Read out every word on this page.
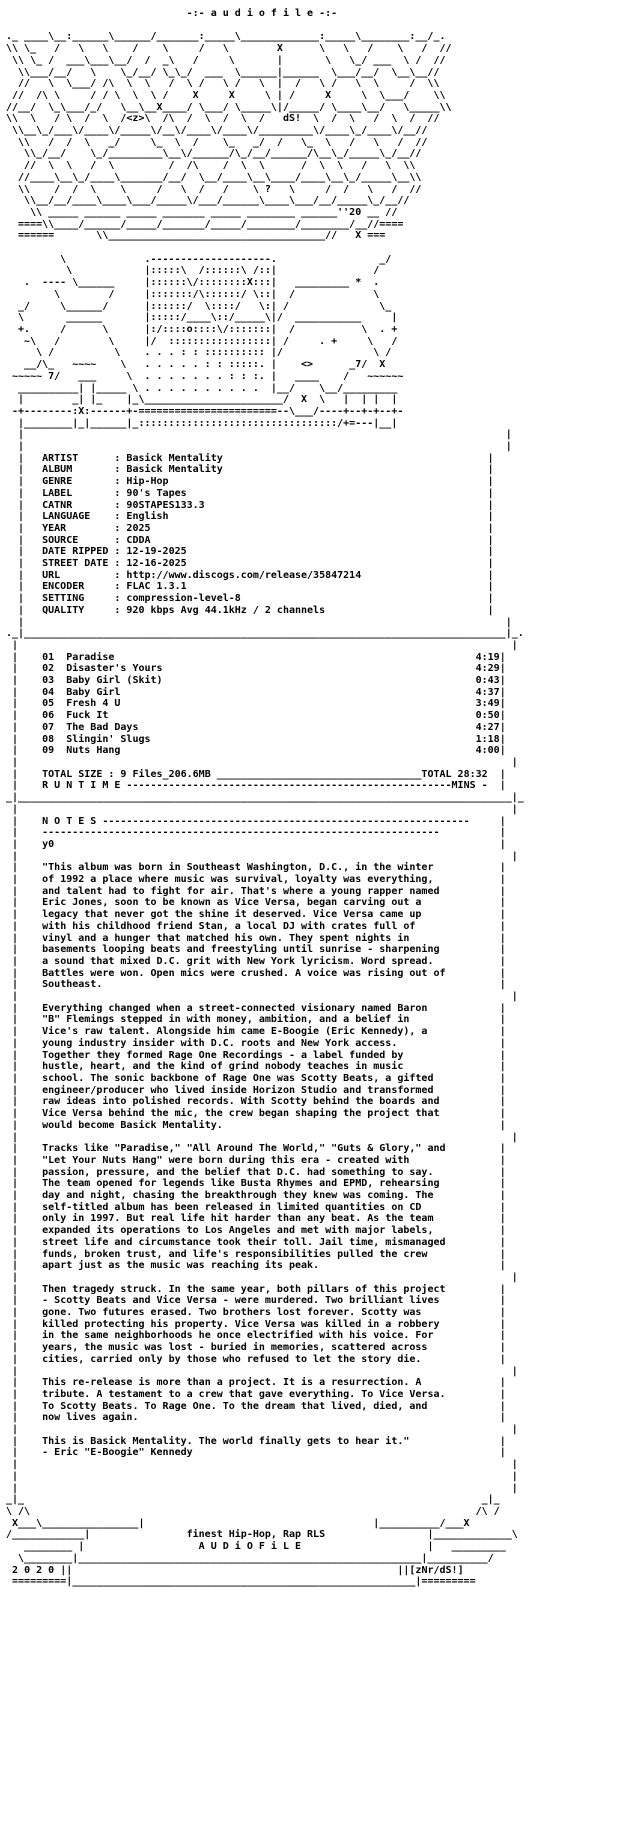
-:- a u d i o f i l e -:-

._ ____\__:______\______/_______:_____\_____________:_____\________:__/_.
\\ \_   /   \   \    /    \     /   \        X      \   \   /    \   /  //
\\ \_ /  ___\___\__/  /  _\   /     \       |       \   \_/ ___  \ /  //
\\___/__/   \    \_/__/ \_\_/  ___  \______|______  \___/__/  \__\__//
//   \  \___/ /\  \  \   /  \ /   \ /   \  |  /   \ /   \  \     /  \\
//  /\ \     / / \  \  \ /    X     X     \ | /     X     \  \___/    \\
//__/  \_\___/_/   \__\__X____/ \___/ \_____\|/_____/ \____\__/   \_____\\
\\  \   / \  /  \  /<z>\  /\  /  \  /  \  /   dS!  \  /  \   /  \  /  //
\\__\_/___\/____\/_____\/__\/____\/____\/_________\/____\_/____\/__//
\\   /  /  \   _/     \_  \  /    \_   _/  /   \_  \   /   \   /  //
\\_/__/    \_/_________\__\/______/\_/__/______/\__\_/_____\_/__//
//  \  \   /  \         /  /\    /  \  \      /  \  \   /   \  \\
//____\__\_/____\_______/__/  \__/____\__\____/____\__\_/_____\__\\
\\    /  /  \    \     /   \  /   /    \ ?   \     /  /   \   /  //
\\__/__/____\____\___/_____\/___/______\____\___/__/_____\_/__//
\\ _____ ______ _____ _______ _____ ________ ______''20 __ //
====\\____/______/_____/_______/_____/________/________/__//====
======       \\____________________________________//   X ===

\             .--------------------.                 _/
\            |:::::\  /::::::\ /::|                /
.  ---- \______     |::::::\/::::::::X:::|   _________ *  .
\        /     |:::::::/\::::::/ \::|  /             \
_/     \______/      |::::::/  \::::/   \:| /               \_
\       ______       |:::::/____\::/_____\|/  ___________     |
+.     /      \      |:/::::o::::\/:::::::|  /           \  . +
~\   /        \     |/  :::::::::::::::::| /     . +     \   /
\ /          \    . . . : : :::::::::: |/               \ /
__/\_   ~~~~    \   . . . . . : : :::::. |    <>      _7/  X
~~~~~ 7/   ___     \  . . . . . . . : : :. |   ____    /   ~~~~~~
__________| |_____ \ . . . . . . . . . .  |__/    \__/_________
|        _| |_    |_\_______________________/  X  \   |  | |  |
-+--------:X:------+-=======================--\___/----+--+-+--+-
|________|_|______|_:::::::::::::::::::::::::::::::::/+=---|__|
|                                                                                |
|                                                                                |
|   ARTIST      : Basick Mentality                                            |
|   ALBUM       : Basick Mentality                                            |
|   GENRE       : Hip-Hop                                                     |
|   LABEL       : 90's Tapes                                                  |
|   CATNR       : 90STAPES133.3                                               |
|   LANGUAGE    : English                                                     |
|   YEAR        : 2025                                                        |
|   SOURCE      : CDDA                                                        |
|   DATE RIPPED : 12-19-2025                                                  |
|   STREET DATE : 12-16-2025                                                  |
|   URL         : http://www.discogs.com/release/35847214                     |
|   ENCODER     : FLAC 1.3.1                                                  |
|   SETTING     : compression-level-8                                         |
|   QUALITY     : 920 kbps Avg 44.1kHz / 2 channels                           |
|                                                                                |
._|________________________________________________________________________________|_.
|                                                                                  |
|    01  Paradise                                                            4:19|
|    02  Disaster's Yours                                                    4:29|
|    03  Baby Girl (Skit)                                                    0:43|
|    04  Baby Girl                                                           4:37|
|    05  Fresh 4 U                                                           3:49|
|    06  Fuck It                                                             0:50|
|    07  The Bad Days                                                        4:27|
|    08  Slingin' Slugs                                                      1:18|
|    09  Nuts Hang                                                           4:00|
|                                                                                  |
|    TOTAL SIZE : 9 Files_206.6MB __________________________________TOTAL 28:32  |
|    R U N T I M E ------------------------------------------------------MINS -  |
_|__________________________________________________________________________________|_
|                                                                                  |
|    N O T E S -------------------------------------------------------------     |
|    ------------------------------------------------------------------          |
|    y0                                                                          |
|                                                                                  |
|    "This album was born in Southeast Washington, D.C., in the winter           |
|    of 1992 a place where music was survival, loyalty was everything,           |
|    and talent had to fight for air. That's where a young rapper named          |
|    Eric Jones, soon to be known as Vice Versa, began carving out a             |
|    legacy that never got the shine it deserved. Vice Versa came up             |
|    with his childhood friend Stan, a local DJ with crates full of              |
|    vinyl and a hunger that matched his own. They spent nights in               |
|    basements looping beats and freestyling until sunrise - sharpening          |
|    a sound that mixed D.C. grit with New York lyricism. Word spread.           |
|    Battles were won. Open mics were crushed. A voice was rising out of         |
|    Southeast.                                                                  |
|                                                                                  |
|    Everything changed when a street-connected visionary named Baron            |
|    "B" Flemings stepped in with money, ambition, and a belief in               |
|    Vice's raw talent. Alongside him came E-Boogie (Eric Kennedy), a            |
|    young industry insider with D.C. roots and New York access.                 |
|    Together they formed Rage One Recordings - a label funded by                |
|    hustle, heart, and the kind of grind nobody teaches in music                |
|    school. The sonic backbone of Rage One was Scotty Beats, a gifted           |
|    engineer/producer who lived inside Horizon Studio and transformed           |
|    raw ideas into polished records. With Scotty behind the boards and          |
|    Vice Versa behind the mic, the crew began shaping the project that          |
|    would become Basick Mentality.                                              |
|                                                                                  |
|    Tracks like "Paradise," "All Around The World," "Guts & Glory," and         |
|    "Let Your Nuts Hang" were born during this era - created with               |
|    passion, pressure, and the belief that D.C. had something to say.           |
|    The team opened for legends like Busta Rhymes and EPMD, rehearsing          |
|    day and night, chasing the breakthrough they knew was coming. The           |
|    self-titled album has been released in limited quantities on CD             |
|    only in 1997. But real life hit harder than any beat. As the team           |
|    expanded its operations to Los Angeles and met with major labels,           |
|    street life and circumstance took their toll. Jail time, mismanaged         |
|    funds, broken trust, and life's responsibilities pulled the crew            |
|    apart just as the music was reaching its peak.                              |
|                                                                                  |
|    Then tragedy struck. In the same year, both pillars of this project         |
|    - Scotty Beats and Vice Versa - were murdered. Two brilliant lives          |
|    gone. Two futures erased. Two brothers lost forever. Scotty was             |
|    killed protecting his property. Vice Versa was killed in a robbery          |
|    in the same neighborhoods he once electrified with his voice. For           |
|    years, the music was lost - buried in memories, scattered across            |
|    cities, carried only by those who refused to let the story die.             |
|                                                                                  |
|    This re-release is more than a project. It is a resurrection. A             |
|    tribute. A testament to a crew that gave everything. To Vice Versa.         |
|    To Scotty Beats. To Rage One. To the dream that lived, died, and            |
|    now lives again.                                                            |
|                                                                                  |
|    This is Basick Mentality. The world finally gets to hear it."               |
|    - Eric "E-Boogie" Kennedy                                                   |
|                                                                                  |
|                                                                                  |
|                                                                                  |
_|_                                                                            _|_
\ /\                                                                          /\ /
X___\________________|                                      |__________/___X
/____________|                finest Hip-Hop, Rap RLS                 |_____________\
________ |                   A U D i O F i L E                     |   _________
\________|_________________________________________________________|__________/
2 0 2 0 ||                                                      ||[zNr/dS!]
=========|_________________________________________________________|=========
